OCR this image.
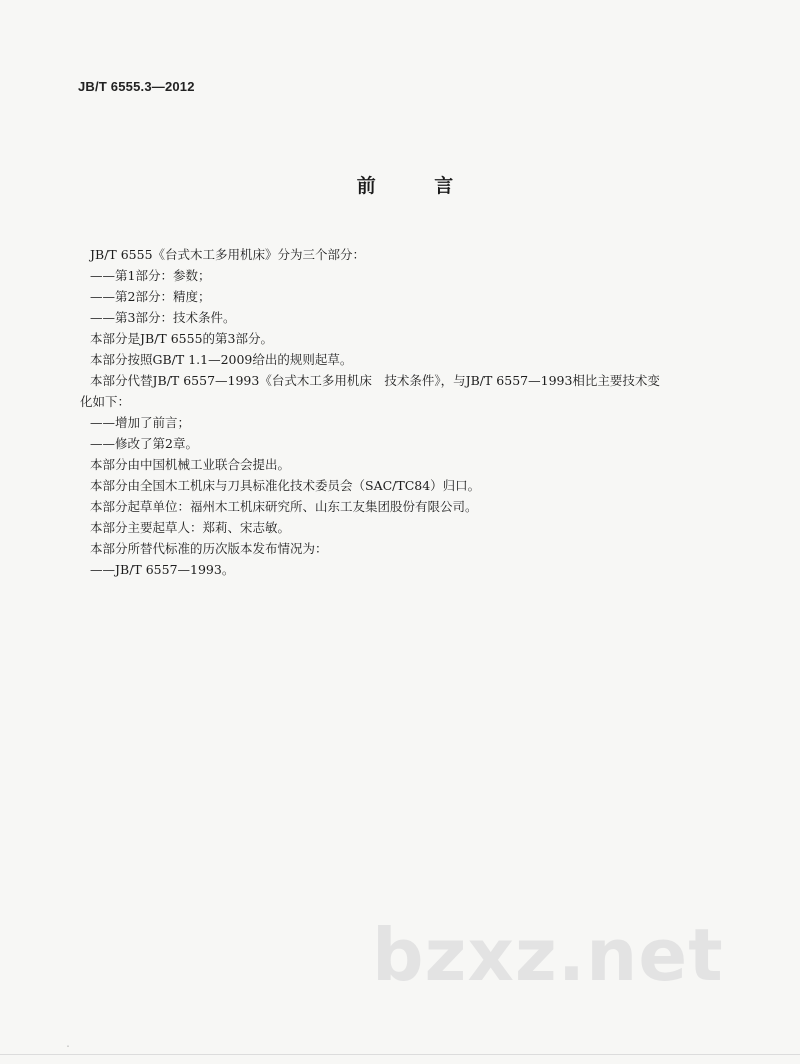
JB/T 6555.3—2012
前 言
JB/T 6555《台式木工多用机床》分为三个部分：
——第1部分：参数；
——第2部分：精度；
——第3部分：技术条件。
本部分是JB/T 6555的第3部分。
本部分按照GB/T 1.1—2009给出的规则起草。
本部分代替JB/T 6557—1993《台式木工多用机床　技术条件》，与JB/T 6557—1993相比主要技术变
化如下：
——增加了前言；
——修改了第2章。
本部分由中国机械工业联合会提出。
本部分由全国木工机床与刀具标准化技术委员会（SAC/TC84）归口。
本部分起草单位：福州木工机床研究所、山东工友集团股份有限公司。
本部分主要起草人：郑莉、宋志敏。
本部分所替代标准的历次版本发布情况为：
——JB/T 6557—1993。
bzxz.net
˙
